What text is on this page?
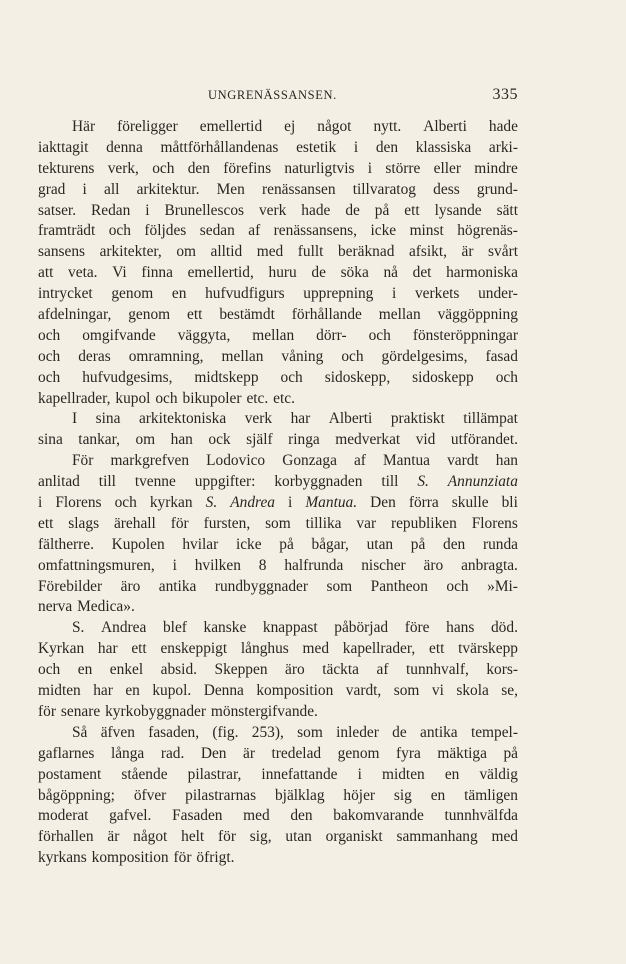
UNGRENÄSSANSEN.	335
Här föreligger emellertid ej något nytt. Alberti hade
iakttagit denna måttförhållandenas estetik i den klassiska arki-
tekturens verk, och den förefins naturligtvis i större eller mindre
grad i all arkitektur. Men renässansen tillvaratog dess grund-
satser. Redan i Brunellescos verk hade de på ett lysande sätt
framträdt och följdes sedan af renässansens, icke minst högrenäs-
sansens arkitekter, om alltid med fullt beräknad afsikt, är svårt
att veta. Vi finna emellertid, huru de söka nå det harmoniska
intrycket genom en hufvudfigurs upprepning i verkets under-
afdelningar, genom ett bestämdt förhållande mellan väggöppning
och omgifvande väggyta, mellan dörr- och fönsteröppningar
och deras omramning, mellan våning och gördelgesims, fasad
och hufvudgesims, midtskepp och sidoskepp, sidoskepp och
kapellrader, kupol och bikupoler etc. etc.
I sina arkitektoniska verk har Alberti praktiskt tillämpat
sina tankar, om han ock själf ringa medverkat vid utförandet.
För markgrefven Lodovico Gonzaga af Mantua vardt han
anlitad till tvenne uppgifter: korbyggnaden till S. Annunziata
i Florens och kyrkan S. Andrea i Mantua. Den förra skulle bli
ett slags ärehall för fursten, som tillika var republiken Florens
fältherre. Kupolen hvilar icke på bågar, utan på den runda
omfattningsmuren, i hvilken 8 halfrunda nischer äro anbragta.
Förebilder äro antika rundbyggnader som Pantheon och »Mi-
nerva Medica».
S. Andrea blef kanske knappast påbörjad före hans död.
Kyrkan har ett enskeppigt långhus med kapellrader, ett tvärskepp
och en enkel absid. Skeppen äro täckta af tunnhvalf, kors-
midten har en kupol. Denna komposition vardt, som vi skola se,
för senare kyrkobyggnader mönstergifvande.
Så äfven fasaden, (fig. 253), som inleder de antika tempel-
gaflarnes långa rad. Den är tredelad genom fyra mäktiga på
postament stående pilastrar, innefattande i midten en väldig
bågöppning; öfver pilastrarnas bjälklag höjer sig en tämligen
moderat gafvel. Fasaden med den bakomvarande tunnhvälfda
förhallen är något helt för sig, utan organiskt sammanhang med
kyrkans komposition för öfrigt.
